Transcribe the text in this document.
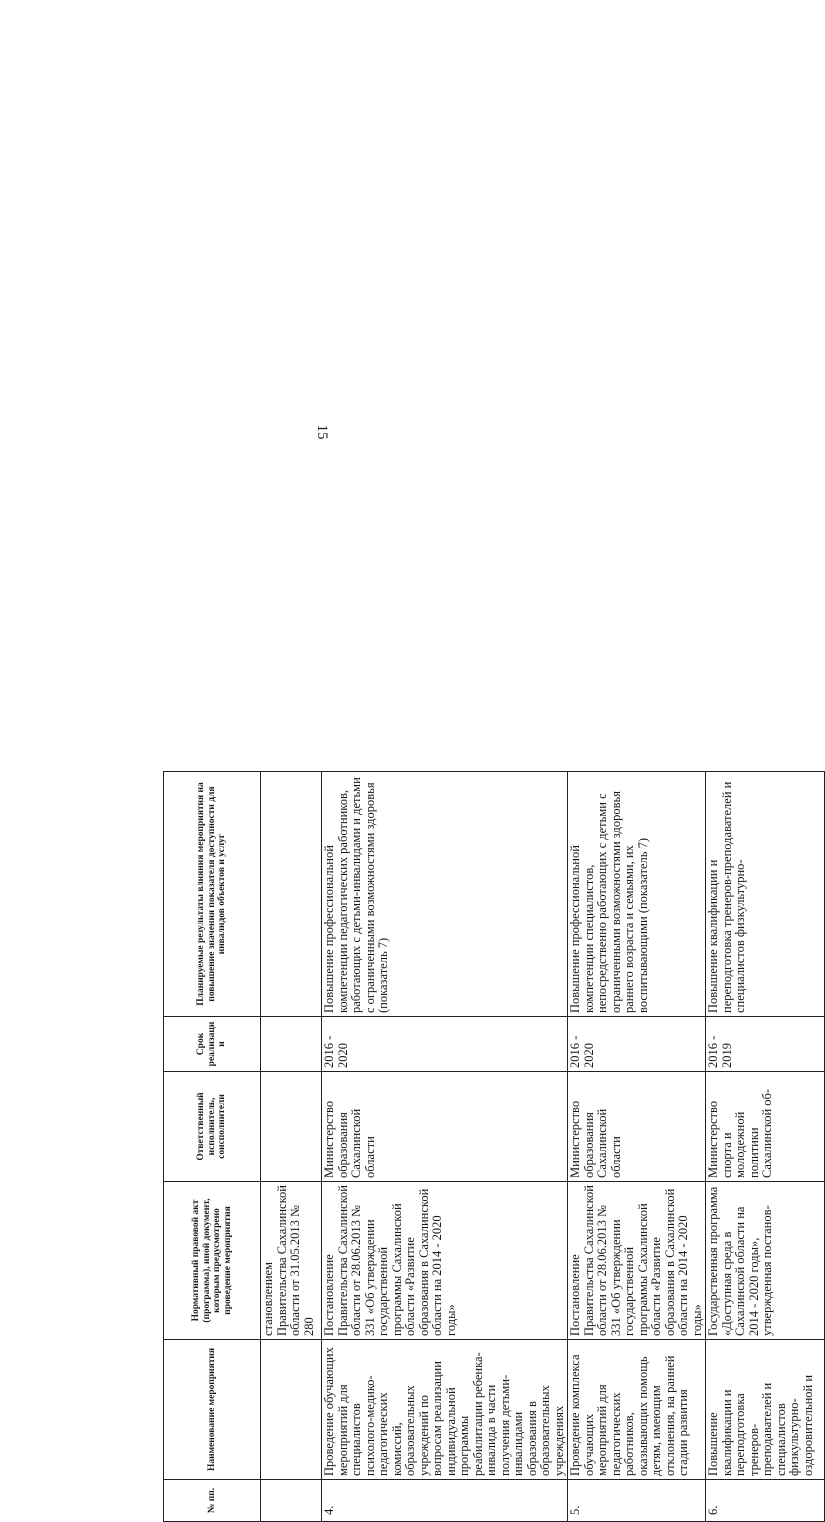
15
№ пп.	Наименование мероприятия	Нормативный правовой акт (программа), иной документ, которым предусмотрено проведение мероприятия	Ответственный исполнитель, соисполнители	Срок реализации	Планируемые результаты влияния мероприятия на повышение значения показателя доступности для инвалидов объектов и услуг
		становлением Правительства Сахалинской области от 31.05.2013 № 280			
4.	Проведение обучающих мероприятий для специалистов психолого-медико-педагогических комиссий, образовательных учреждений по вопросам реализации индивидуальной программы реабилитации ребенка-инвалида в части получения детьми-инвалидами образования в образовательных учреждениях	Постановление Правительства Сахалинской области от 28.06.2013 № 331 «Об утверждении государственной программы Сахалинской области «Развитие образования в Сахалинской области на 2014 - 2020 годы»	Министерство образования Сахалинской области	2016 - 2020	Повышение профессиональной компетенции педагогических работников, работающих с детьми-инвалидами и детьми с ограниченными возможностями здоровья (показатель 7)
5.	Проведение комплекса обучающих мероприятий для педагогических работников, оказывающих помощь детям, имеющим отклонения, на ранней стадии развития	Постановление Правительства Сахалинской области от 28.06.2013 № 331 «Об утверждении государственной программы Сахалинской области «Развитие образования в Сахалинской области на 2014 - 2020 годы»	Министерство образования Сахалинской области	2016 - 2020	Повышение профессиональной компетенции специалистов, непосредственно работающих с детьми с ограниченными возможностями здоровья раннего возраста и семьями, их воспитывающими (показатель 7)
6.	Повышение квалификации и переподготовка тренеров-преподавателей и специалистов физкультурно-оздоровительной и	Государственная программа «Доступная среда в Сахалинской области на 2014 - 2020 годы», утвержденная постанов-	Министерство спорта и молодежной политики Сахалинской об-	2016 - 2019	Повышение квалификации и переподготовка тренеров-преподавателей и специалистов физкультурно-
